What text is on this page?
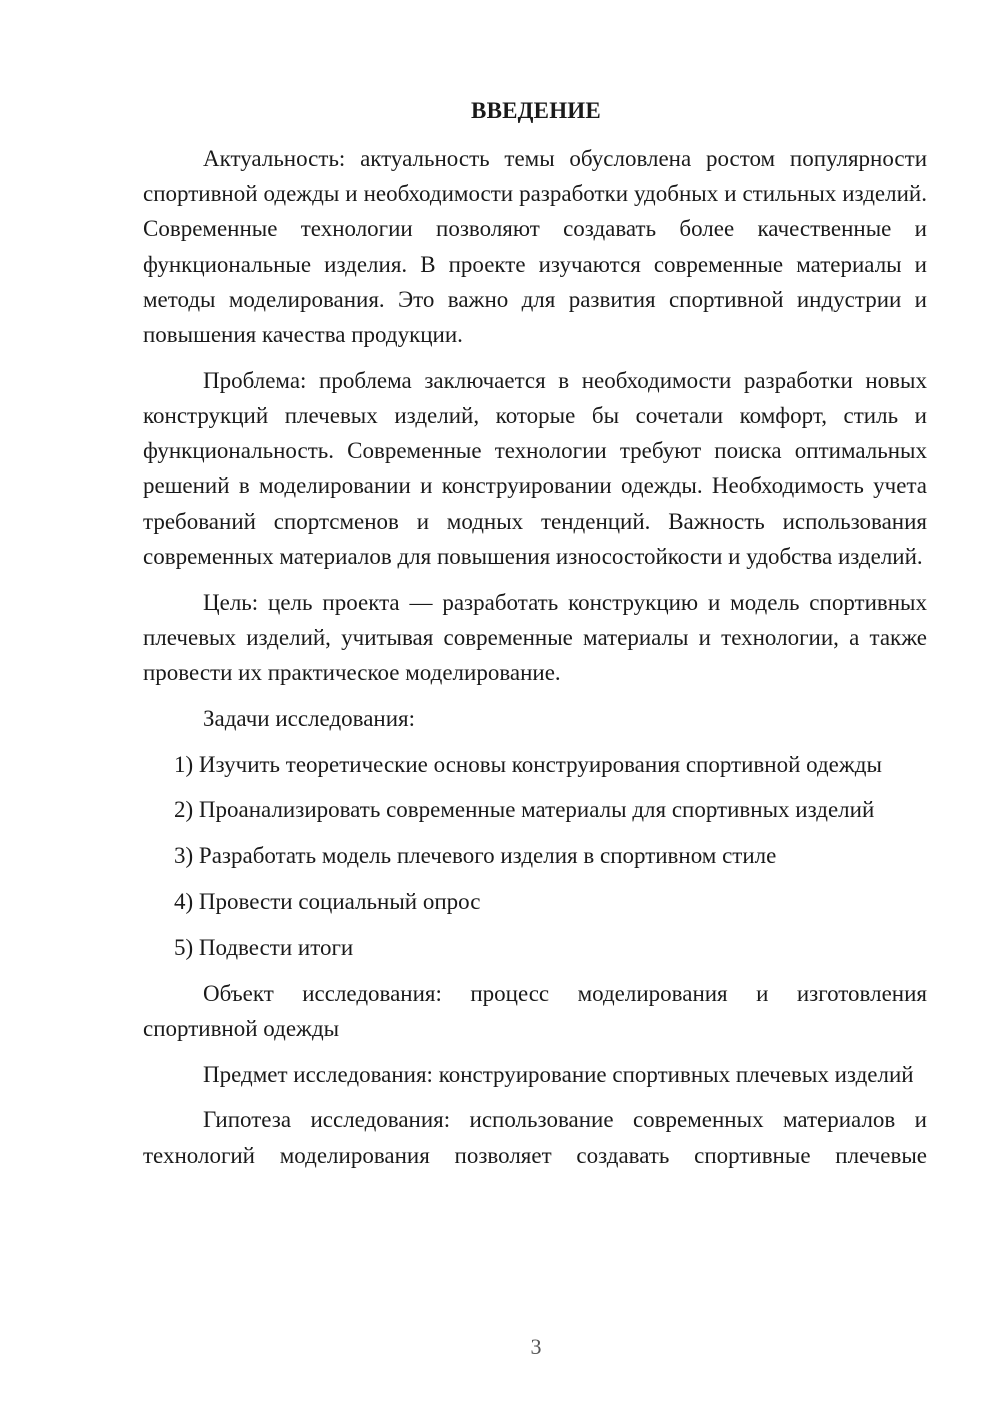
ВВЕДЕНИЕ

Актуальность: актуальность темы обусловлена ростом популярности спортивной одежды и необходимости разработки удобных и стильных изделий. Современные технологии позволяют создавать более качественные и функциональные изделия. В проекте изучаются современные материалы и методы моделирования. Это важно для развития спортивной индустрии и повышения качества продукции.

Проблема: проблема заключается в необходимости разработки новых конструкций плечевых изделий, которые бы сочетали комфорт, стиль и функциональность. Современные технологии требуют поиска оптимальных решений в моделировании и конструировании одежды. Необходимость учета требований спортсменов и модных тенденций. Важность использования современных материалов для повышения износостойкости и удобства изделий.

Цель: цель проекта — разработать конструкцию и модель спортивных плечевых изделий, учитывая современные материалы и технологии, а также провести их практическое моделирование.

Задачи исследования:

1) Изучить теоретические основы конструирования спортивной одежды

2) Проанализировать современные материалы для спортивных изделий

3) Разработать модель плечевого изделия в спортивном стиле

4) Провести социальный опрос

5) Подвести итоги

Объект исследования: процесс моделирования и изготовления спортивной одежды

Предмет исследования: конструирование спортивных плечевых изделий

Гипотеза исследования: использование современных материалов и технологий моделирования позволяет создавать спортивные плечевые

3
